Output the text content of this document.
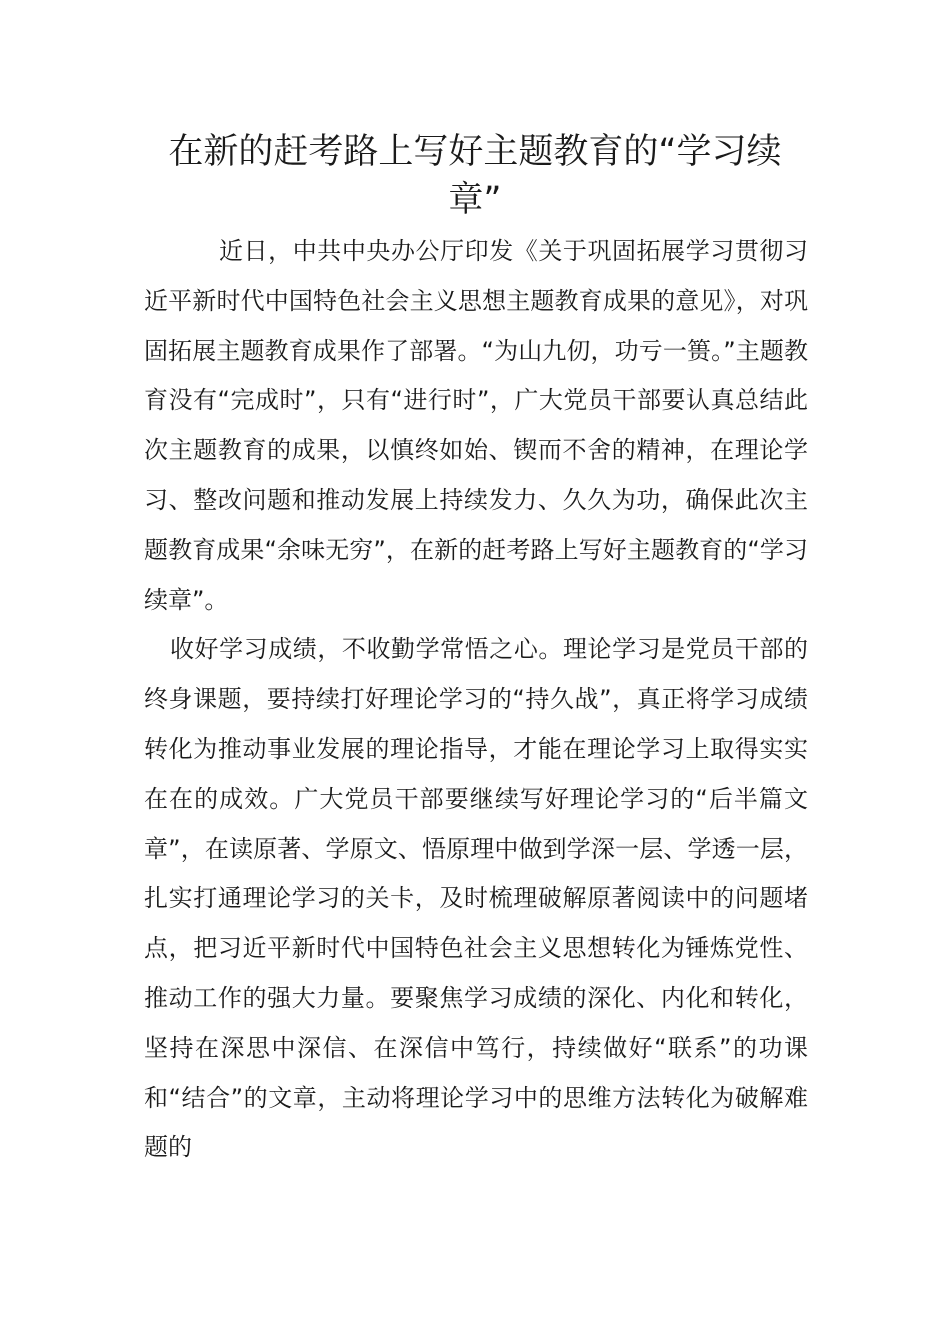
在新的赶考路上写好主题教育的“学习续章”

近日，中共中央办公厅印发《关于巩固拓展学习贯彻习近平新时代中国特色社会主义思想主题教育成果的意见》，对巩固拓展主题教育成果作了部署。“为山九仞，功亏一篑。”主题教育没有“完成时”，只有“进行时”，广大党员干部要认真总结此次主题教育的成果，以慎终如始、锲而不舍的精神，在理论学习、整改问题和推动发展上持续发力、久久为功，确保此次主题教育成果“余味无穷”，在新的赶考路上写好主题教育的“学习续章”。

收好学习成绩，不收勤学常悟之心。理论学习是党员干部的终身课题，要持续打好理论学习的“持久战”，真正将学习成绩转化为推动事业发展的理论指导，才能在理论学习上取得实实在在的成效。广大党员干部要继续写好理论学习的“后半篇文章”，在读原著、学原文、悟原理中做到学深一层、学透一层，扎实打通理论学习的关卡，及时梳理破解原著阅读中的问题堵点，把习近平新时代中国特色社会主义思想转化为锤炼党性、推动工作的强大力量。要聚焦学习成绩的深化、内化和转化，坚持在深思中深信、在深信中笃行，持续做好“联系”的功课和“结合”的文章，主动将理论学习中的思维方法转化为破解难题的
